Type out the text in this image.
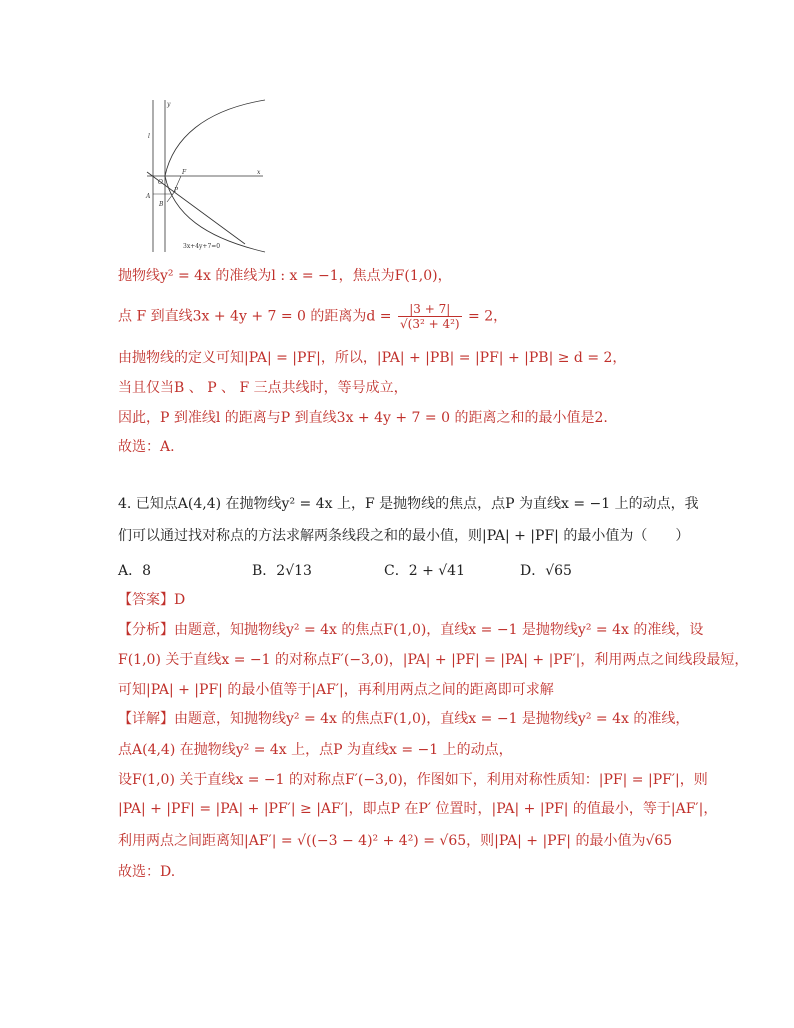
y
x
l
O
F
A
P
B
3x+4y+7=0
抛物线y² = 4x 的准线为l : x = −1，焦点为F(1,0)，
点 F 到直线3x + 4y + 7 = 0 的距离为$d = \frac{|3 + 7|}{\text{√(3² + 4²)}} = 2$，
由抛物线的定义可知|PA| = |PF|，所以，|PA| + |PB| = |PF| + |PB| ≥ d = 2，
当且仅当B 、 P 、 F 三点共线时，等号成立，
因此，P 到准线l 的距离与P 到直线3x + 4y + 7 = 0 的距离之和的最小值是2.
故选：A.
4. 已知点A(4,4) 在抛物线y² = 4x 上，F 是抛物线的焦点，点P 为直线x = −1 上的动点，我
们可以通过找对称点的方法求解两条线段之和的最小值，则|PA| + |PF| 的最小值为（　　）
A．8	B．2√13	C．2 + √41	D．√65
【答案】D
【分析】由题意，知抛物线y² = 4x 的焦点F(1,0)，直线x = −1 是抛物线y² = 4x 的准线，设
F(1,0) 关于直线x = −1 的对称点F′(−3,0)，|PA| + |PF| = |PA| + |PF′|，利用两点之间线段最短，
可知|PA| + |PF| 的最小值等于|AF′|，再利用两点之间的距离即可求解
【详解】由题意，知抛物线y² = 4x 的焦点F(1,0)，直线x = −1 是抛物线y² = 4x 的准线，
点A(4,4) 在抛物线y² = 4x 上，点P 为直线x = −1 上的动点，
设F(1,0) 关于直线x = −1 的对称点F′(−3,0)，作图如下，利用对称性质知：|PF| = |PF′|，则
|PA| + |PF| = |PA| + |PF′| ≥ |AF′|，即点P 在P′ 位置时，|PA| + |PF| 的值最小，等于|AF′|，
利用两点之间距离知|AF′| = √((−3 − 4)² + 4²) = √65，则|PA| + |PF| 的最小值为√65
故选：D.
